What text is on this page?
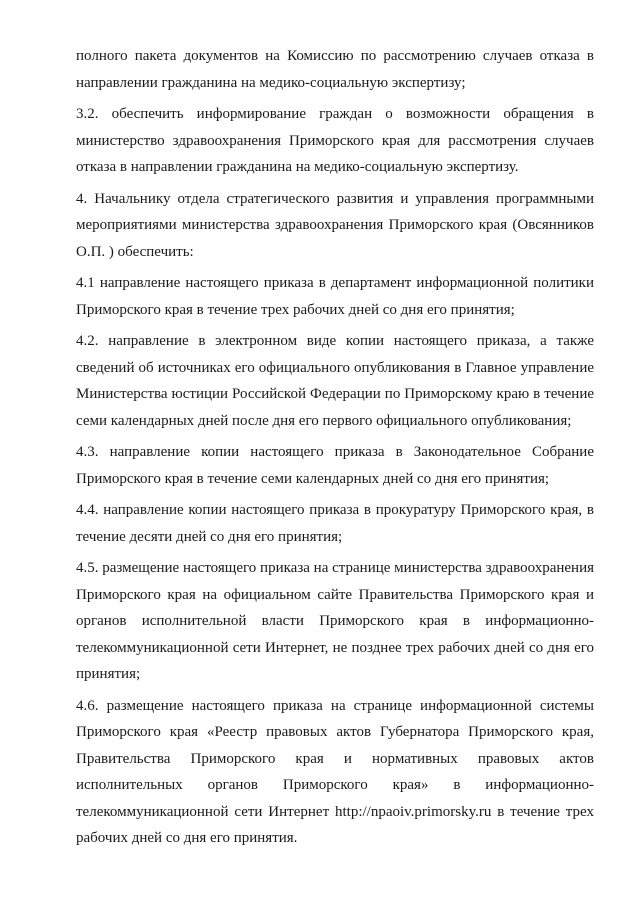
полного пакета документов на Комиссию по рассмотрению случаев отказа в направлении гражданина на медико-социальную экспертизу;

3.2. обеспечить информирование граждан о возможности обращения в министерство здравоохранения Приморского края для рассмотрения случаев отказа в направлении гражданина на медико-социальную экспертизу.

4. Начальнику отдела стратегического развития и управления программными мероприятиями министерства здравоохранения Приморского края (Овсянников О.П. ) обеспечить:

4.1 направление настоящего приказа в департамент информационной политики Приморского края в течение трех рабочих дней со дня его принятия;

4.2. направление в электронном виде копии настоящего приказа, а также сведений об источниках его официального опубликования в Главное управление Министерства юстиции Российской Федерации по Приморскому краю в течение семи календарных дней после дня его первого официального опубликования;

4.3. направление копии настоящего приказа в Законодательное Собрание Приморского края в течение семи календарных дней со дня его принятия;

4.4. направление копии настоящего приказа в прокуратуру Приморского края, в течение десяти дней со дня его принятия;

4.5. размещение настоящего приказа на странице министерства здравоохранения Приморского края на официальном сайте Правительства Приморского края и органов исполнительной власти Приморского края в информационно-телекоммуникационной сети Интернет, не позднее трех рабочих дней со дня его принятия;

4.6. размещение настоящего приказа на странице информационной системы Приморского края «Реестр правовых актов Губернатора Приморского края, Правительства Приморского края и нормативных правовых актов исполнительных органов Приморского края» в информационно-телекоммуникационной сети Интернет http://npaoiv.primorsky.ru в течение трех рабочих дней со дня его принятия.
